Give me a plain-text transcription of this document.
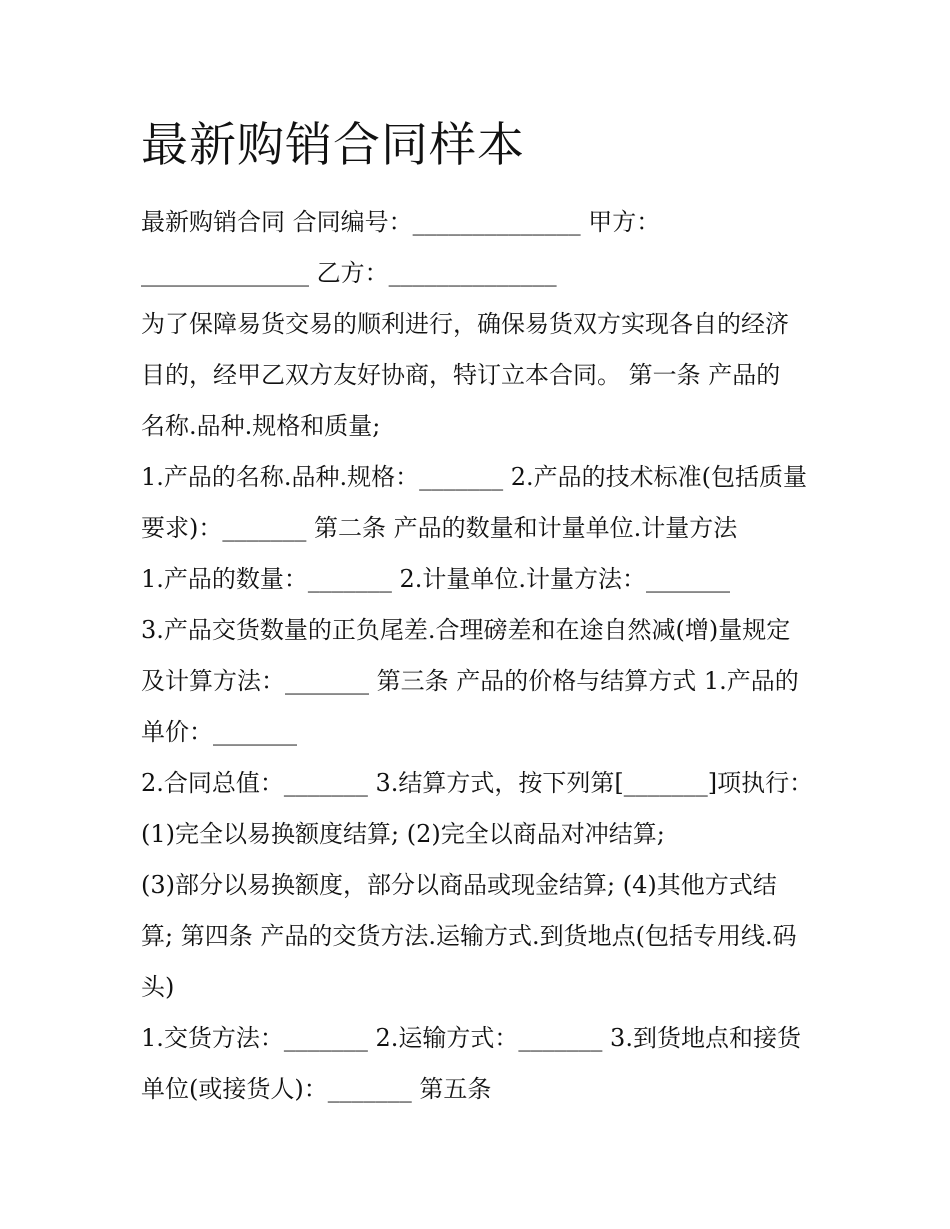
最新购销合同样本
最新购销合同 合同编号：______________ 甲方：
______________ 乙方：______________
为了保障易货交易的顺利进行，确保易货双方实现各自的经济
目的，经甲乙双方友好协商，特订立本合同。 第一条 产品的
名称.品种.规格和质量;
1.产品的名称.品种.规格：_______ 2.产品的技术标准(包括质量
要求)：_______ 第二条 产品的数量和计量单位.计量方法
1.产品的数量：_______ 2.计量单位.计量方法：_______
3.产品交货数量的正负尾差.合理磅差和在途自然减(增)量规定
及计算方法：_______ 第三条 产品的价格与结算方式 1.产品的
单价：_______
2.合同总值：_______ 3.结算方式，按下列第[_______]项执行：
(1)完全以易换额度结算; (2)完全以商品对冲结算;
(3)部分以易换额度，部分以商品或现金结算; (4)其他方式结
算; 第四条 产品的交货方法.运输方式.到货地点(包括专用线.码
头)
1.交货方法：_______ 2.运输方式：_______ 3.到货地点和接货
单位(或接货人)：_______ 第五条
